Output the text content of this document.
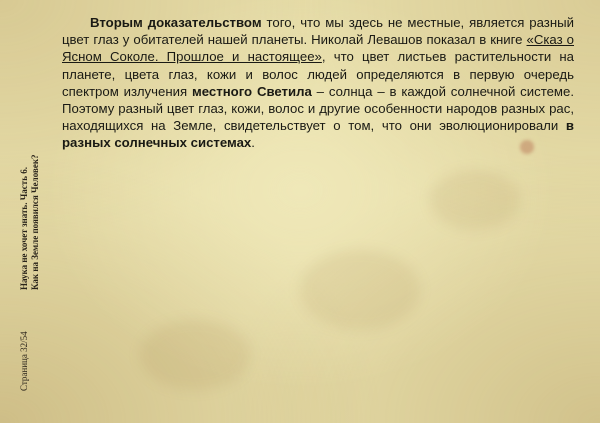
Вторым доказательством того, что мы здесь не местные, является разный цвет глаз у обитателей нашей планеты. Николай Левашов показал в книге «Сказ о Ясном Соколе. Прошлое и настоящее», что цвет листьев растительности на планете, цвета глаз, кожи и волос людей определяются в первую очередь спектром излучения местного Светила – солнца – в каждой солнечной системе. Поэтому разный цвет глаз, кожи, волос и другие особенности народов разных рас, находящихся на Земле, свидетельствует о том, что они эволюционировали в разных солнечных системах.

Наука не хочет знать. Часть 6. Как на Земле появился Человек?
Страница 32/54
